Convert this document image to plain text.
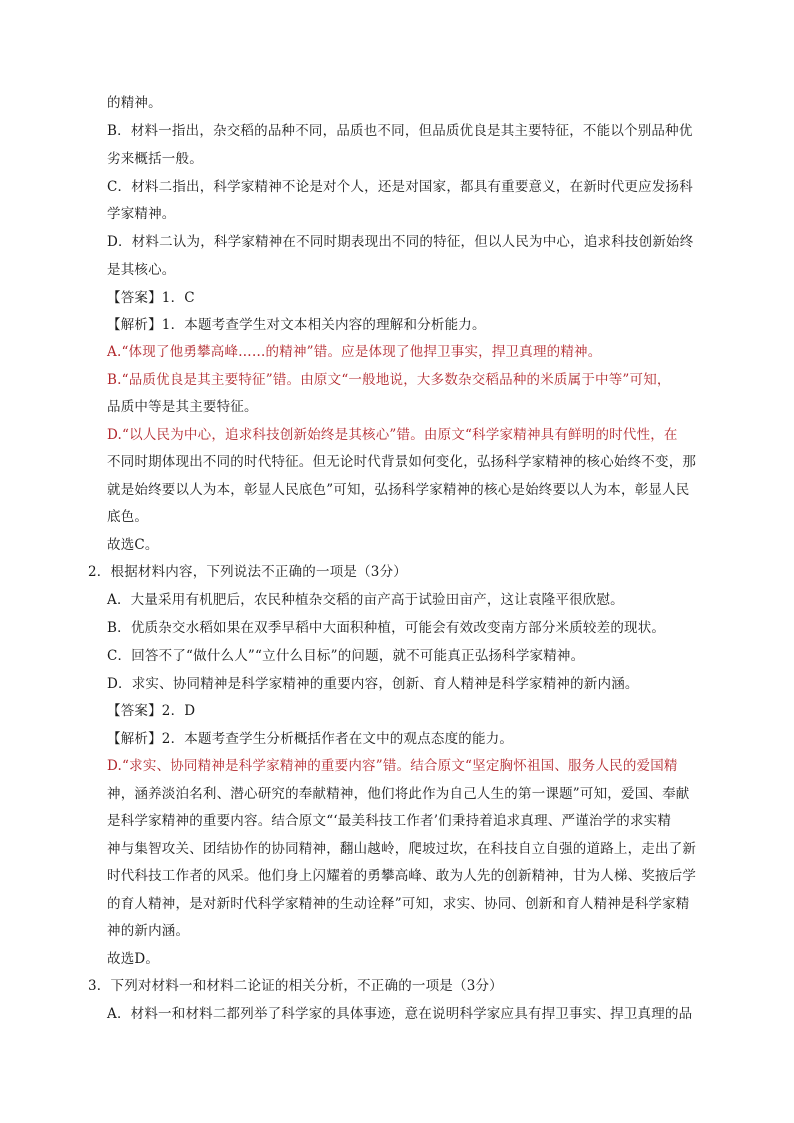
的精神。
B．材料一指出，杂交稻的品种不同，品质也不同，但品质优良是其主要特征，不能以个别品种优
劣来概括一般。
C．材料二指出，科学家精神不论是对个人，还是对国家，都具有重要意义，在新时代更应发扬科
学家精神。
D．材料二认为，科学家精神在不同时期表现出不同的特征，但以人民为中心，追求科技创新始终
是其核心。
【答案】1．C
【解析】1．本题考查学生对文本相关内容的理解和分析能力。
A.“体现了他勇攀高峰……的精神”错。应是体现了他捍卫事实，捍卫真理的精神。
B.“品质优良是其主要特征”错。由原文“一般地说，大多数杂交稻品种的米质属于中等”可知，
品质中等是其主要特征。
D.“以人民为中心，追求科技创新始终是其核心”错。由原文“科学家精神具有鲜明的时代性，在
不同时期体现出不同的时代特征。但无论时代背景如何变化，弘扬科学家精神的核心始终不变，那
就是始终要以人为本，彰显人民底色”可知，弘扬科学家精神的核心是始终要以人为本，彰显人民
底色。
故选C。
2．根据材料内容，下列说法不正确的一项是（3分）
A．大量采用有机肥后，农民种植杂交稻的亩产高于试验田亩产，这让袁隆平很欣慰。
B．优质杂交水稻如果在双季早稻中大面积种植，可能会有效改变南方部分米质较差的现状。
C．回答不了“做什么人”“立什么目标”的问题，就不可能真正弘扬科学家精神。
D．求实、协同精神是科学家精神的重要内容，创新、育人精神是科学家精神的新内涵。
【答案】2．D
【解析】2．本题考查学生分析概括作者在文中的观点态度的能力。
D.“求实、协同精神是科学家精神的重要内容”错。结合原文“坚定胸怀祖国、服务人民的爱国精
神，涵养淡泊名利、潜心研究的奉献精神，他们将此作为自己人生的第一课题”可知，爱国、奉献
是科学家精神的重要内容。结合原文“‘最美科技工作者’们秉持着追求真理、严谨治学的求实精
神与集智攻关、团结协作的协同精神，翻山越岭，爬坡过坎，在科技自立自强的道路上，走出了新
时代科技工作者的风采。他们身上闪耀着的勇攀高峰、敢为人先的创新精神，甘为人梯、奖掖后学
的育人精神，是对新时代科学家精神的生动诠释”可知，求实、协同、创新和育人精神是科学家精
神的新内涵。
故选D。
3．下列对材料一和材料二论证的相关分析，不正确的一项是（3分）
A．材料一和材料二都列举了科学家的具体事迹，意在说明科学家应具有捍卫事实、捍卫真理的品
